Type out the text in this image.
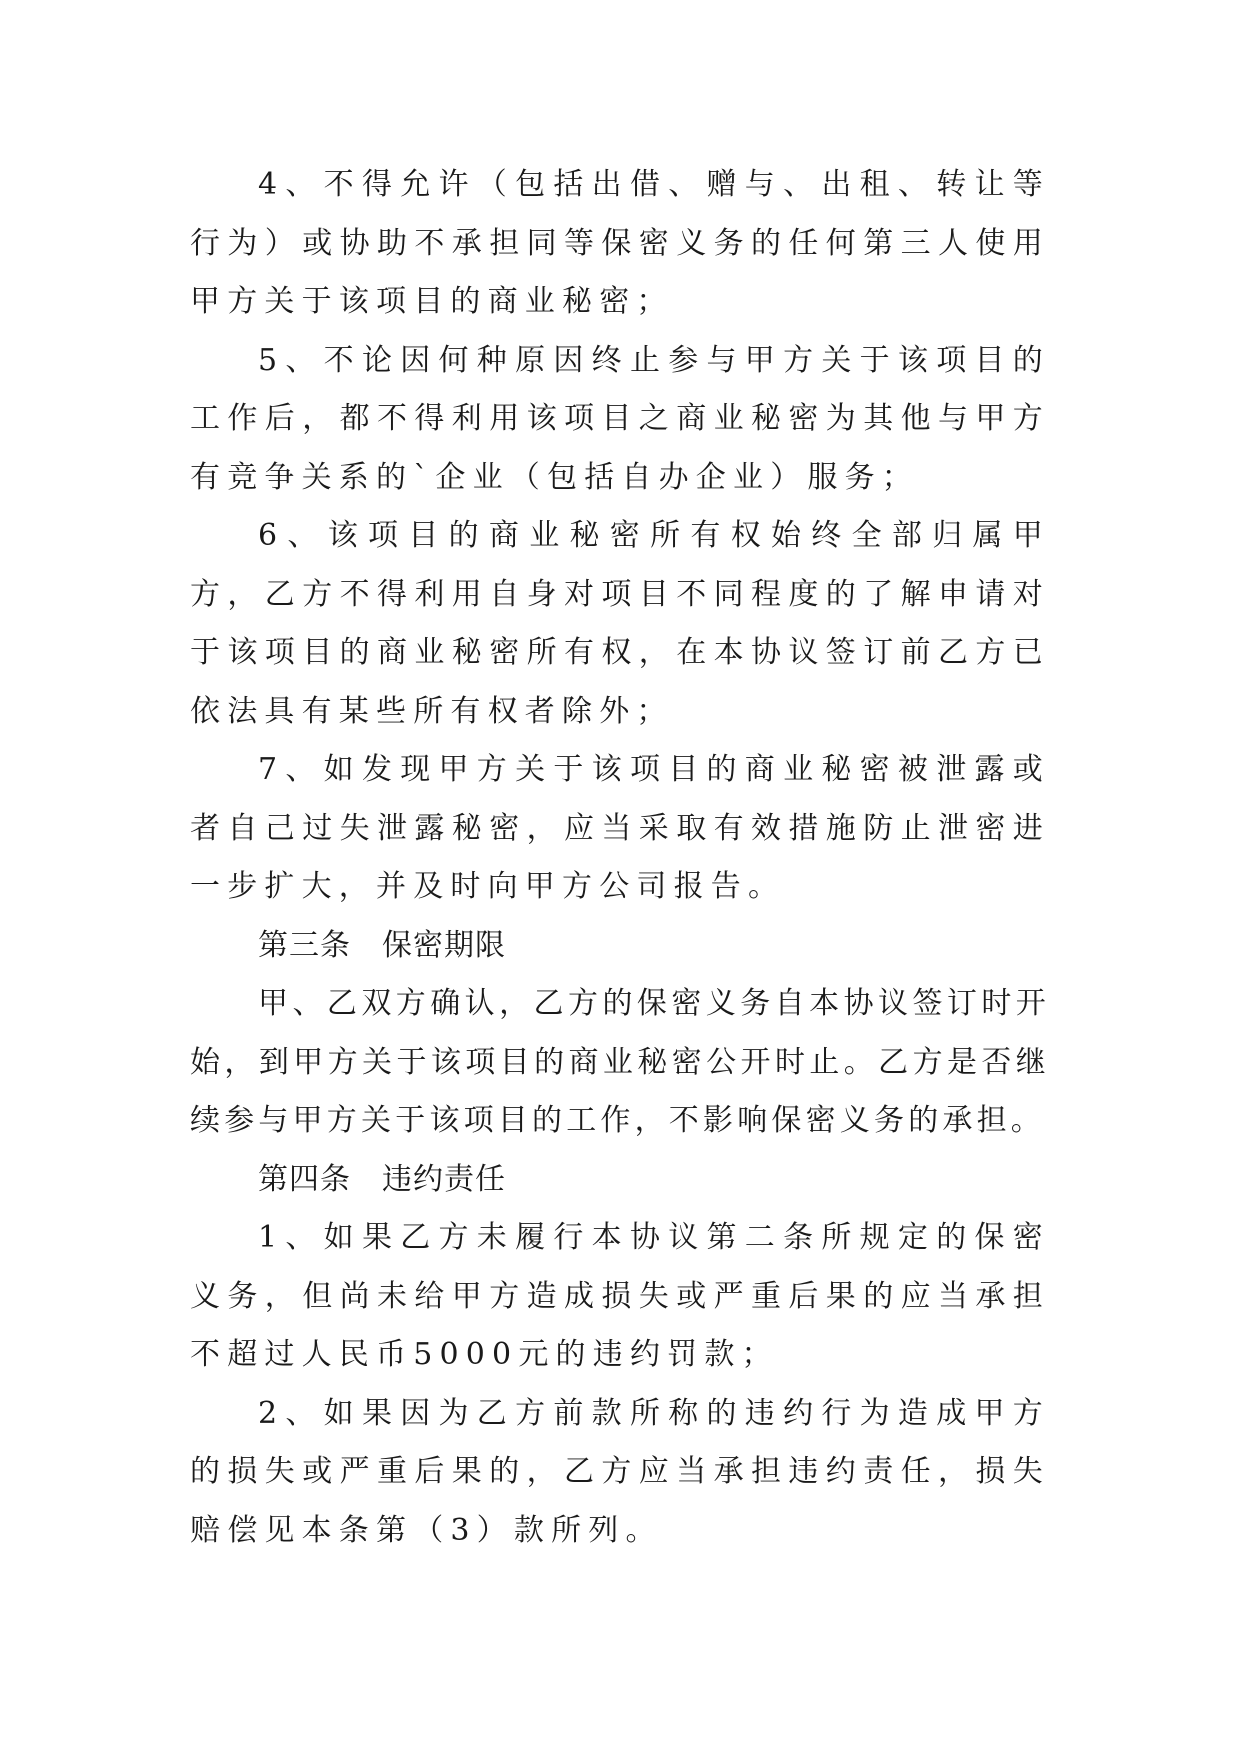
4、不得允许（包括出借、赠与、出租、转让等行为）或协助不承担同等保密义务的任何第三人使用甲方关于该项目的商业秘密；

5、不论因何种原因终止参与甲方关于该项目的工作后，都不得利用该项目之商业秘密为其他与甲方有竞争关系的`企业（包括自办企业）服务；

6、该项目的商业秘密所有权始终全部归属甲方，乙方不得利用自身对项目不同程度的了解申请对于该项目的商业秘密所有权，在本协议签订前乙方已依法具有某些所有权者除外；

7、如发现甲方关于该项目的商业秘密被泄露或者自己过失泄露秘密，应当采取有效措施防止泄密进一步扩大，并及时向甲方公司报告。

第三条　保密期限

甲、乙双方确认，乙方的保密义务自本协议签订时开始，到甲方关于该项目的商业秘密公开时止。乙方是否继续参与甲方关于该项目的工作，不影响保密义务的承担。

第四条　违约责任

1、如果乙方未履行本协议第二条所规定的保密义务，但尚未给甲方造成损失或严重后果的应当承担不超过人民币5000元的违约罚款；

2、如果因为乙方前款所称的违约行为造成甲方的损失或严重后果的，乙方应当承担违约责任，损失赔偿见本条第（3）款所列。
